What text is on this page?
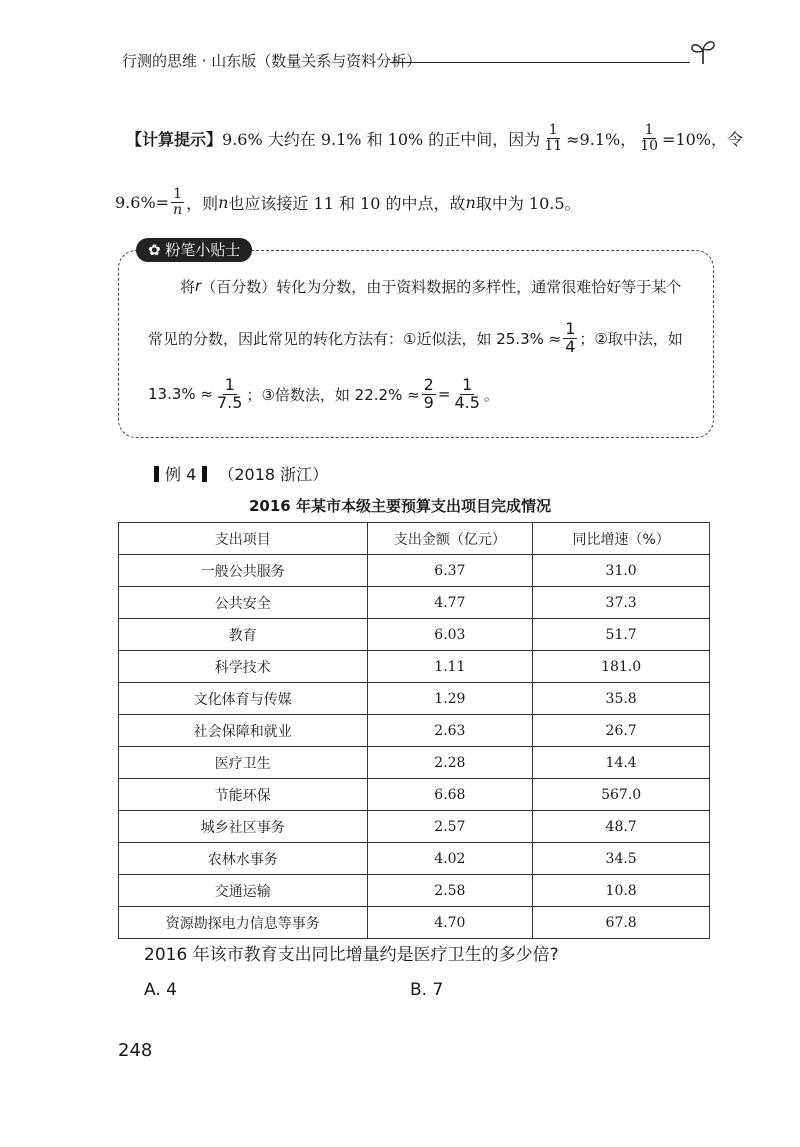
行测的思维 · 山东版（数量关系与资料分析）
【计算提示】 9.6% 大约在 9.1% 和 10% 的正中间，因为 $\frac{1}{11} \approx 9.1\%$， $\frac{1}{10} =10\%$，令
$9.6\%= \frac{1}{n}$ ，则 n 也应该接近 11 和 10 的中点，故 n 取中为 10.5。
✿ 粉笔小贴士
将 r （百分数）转化为分数，由于资料数据的多样性，通常很难恰好等于某个
常见的分数，因此常见的转化方法有：①近似法，如 $25.3\% \approx \frac{1}{4}$ ；②取中法，如
$13.3\% \approx \frac{1}{7.5}$ ；③倍数法，如 $22.2\% \approx \frac{2}{9} = \frac{1}{4.5}$ 。
例 4 （2018 浙江）
2016 年某市本级主要预算支出项目完成情况
支出项目	支出金额（亿元）	同比增速（%）
一般公共服务	6.37	31.0
公共安全	4.77	37.3
教育	6.03	51.7
科学技术	1.11	181.0
文化体育与传媒	1.29	35.8
社会保障和就业	2.63	26.7
医疗卫生	2.28	14.4
节能环保	6.68	567.0
城乡社区事务	2.57	48.7
农林水事务	4.02	34.5
交通运输	2.58	10.8
资源勘探电力信息等事务	4.70	67.8
2016 年该市教育支出同比增量约是医疗卫生的多少倍?
A. 4	B. 7
248
